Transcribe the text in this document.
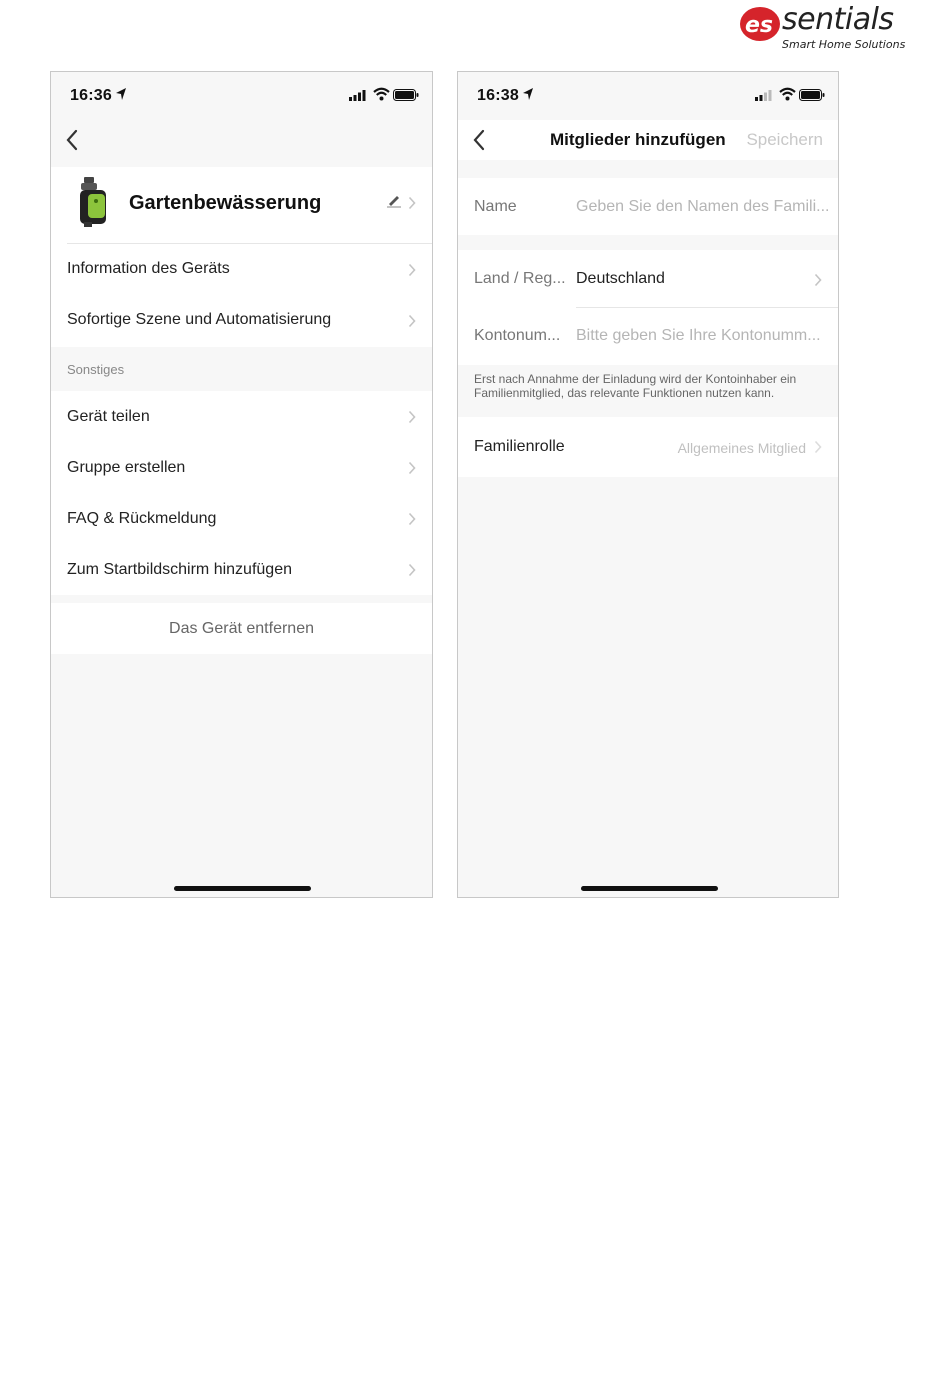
es sentials
Smart Home Solutions
16:36
Gartenbewässerung
Information des Geräts
Sofortige Szene und Automatisierung
Sonstiges
Gerät teilen
Gruppe erstellen
FAQ & Rückmeldung
Zum Startbildschirm hinzufügen
Das Gerät entfernen
16:38
Mitglieder hinzufügen Speichern
Name	Geben Sie den Namen des Famili...
Land / Reg... Deutschland
Kontonum... Bitte geben Sie Ihre Kontonumm...
Erst nach Annahme der Einladung wird der Kontoinhaber ein
Familienmitglied, das relevante Funktionen nutzen kann.
Familienrolle	Allgemeines Mitglied
